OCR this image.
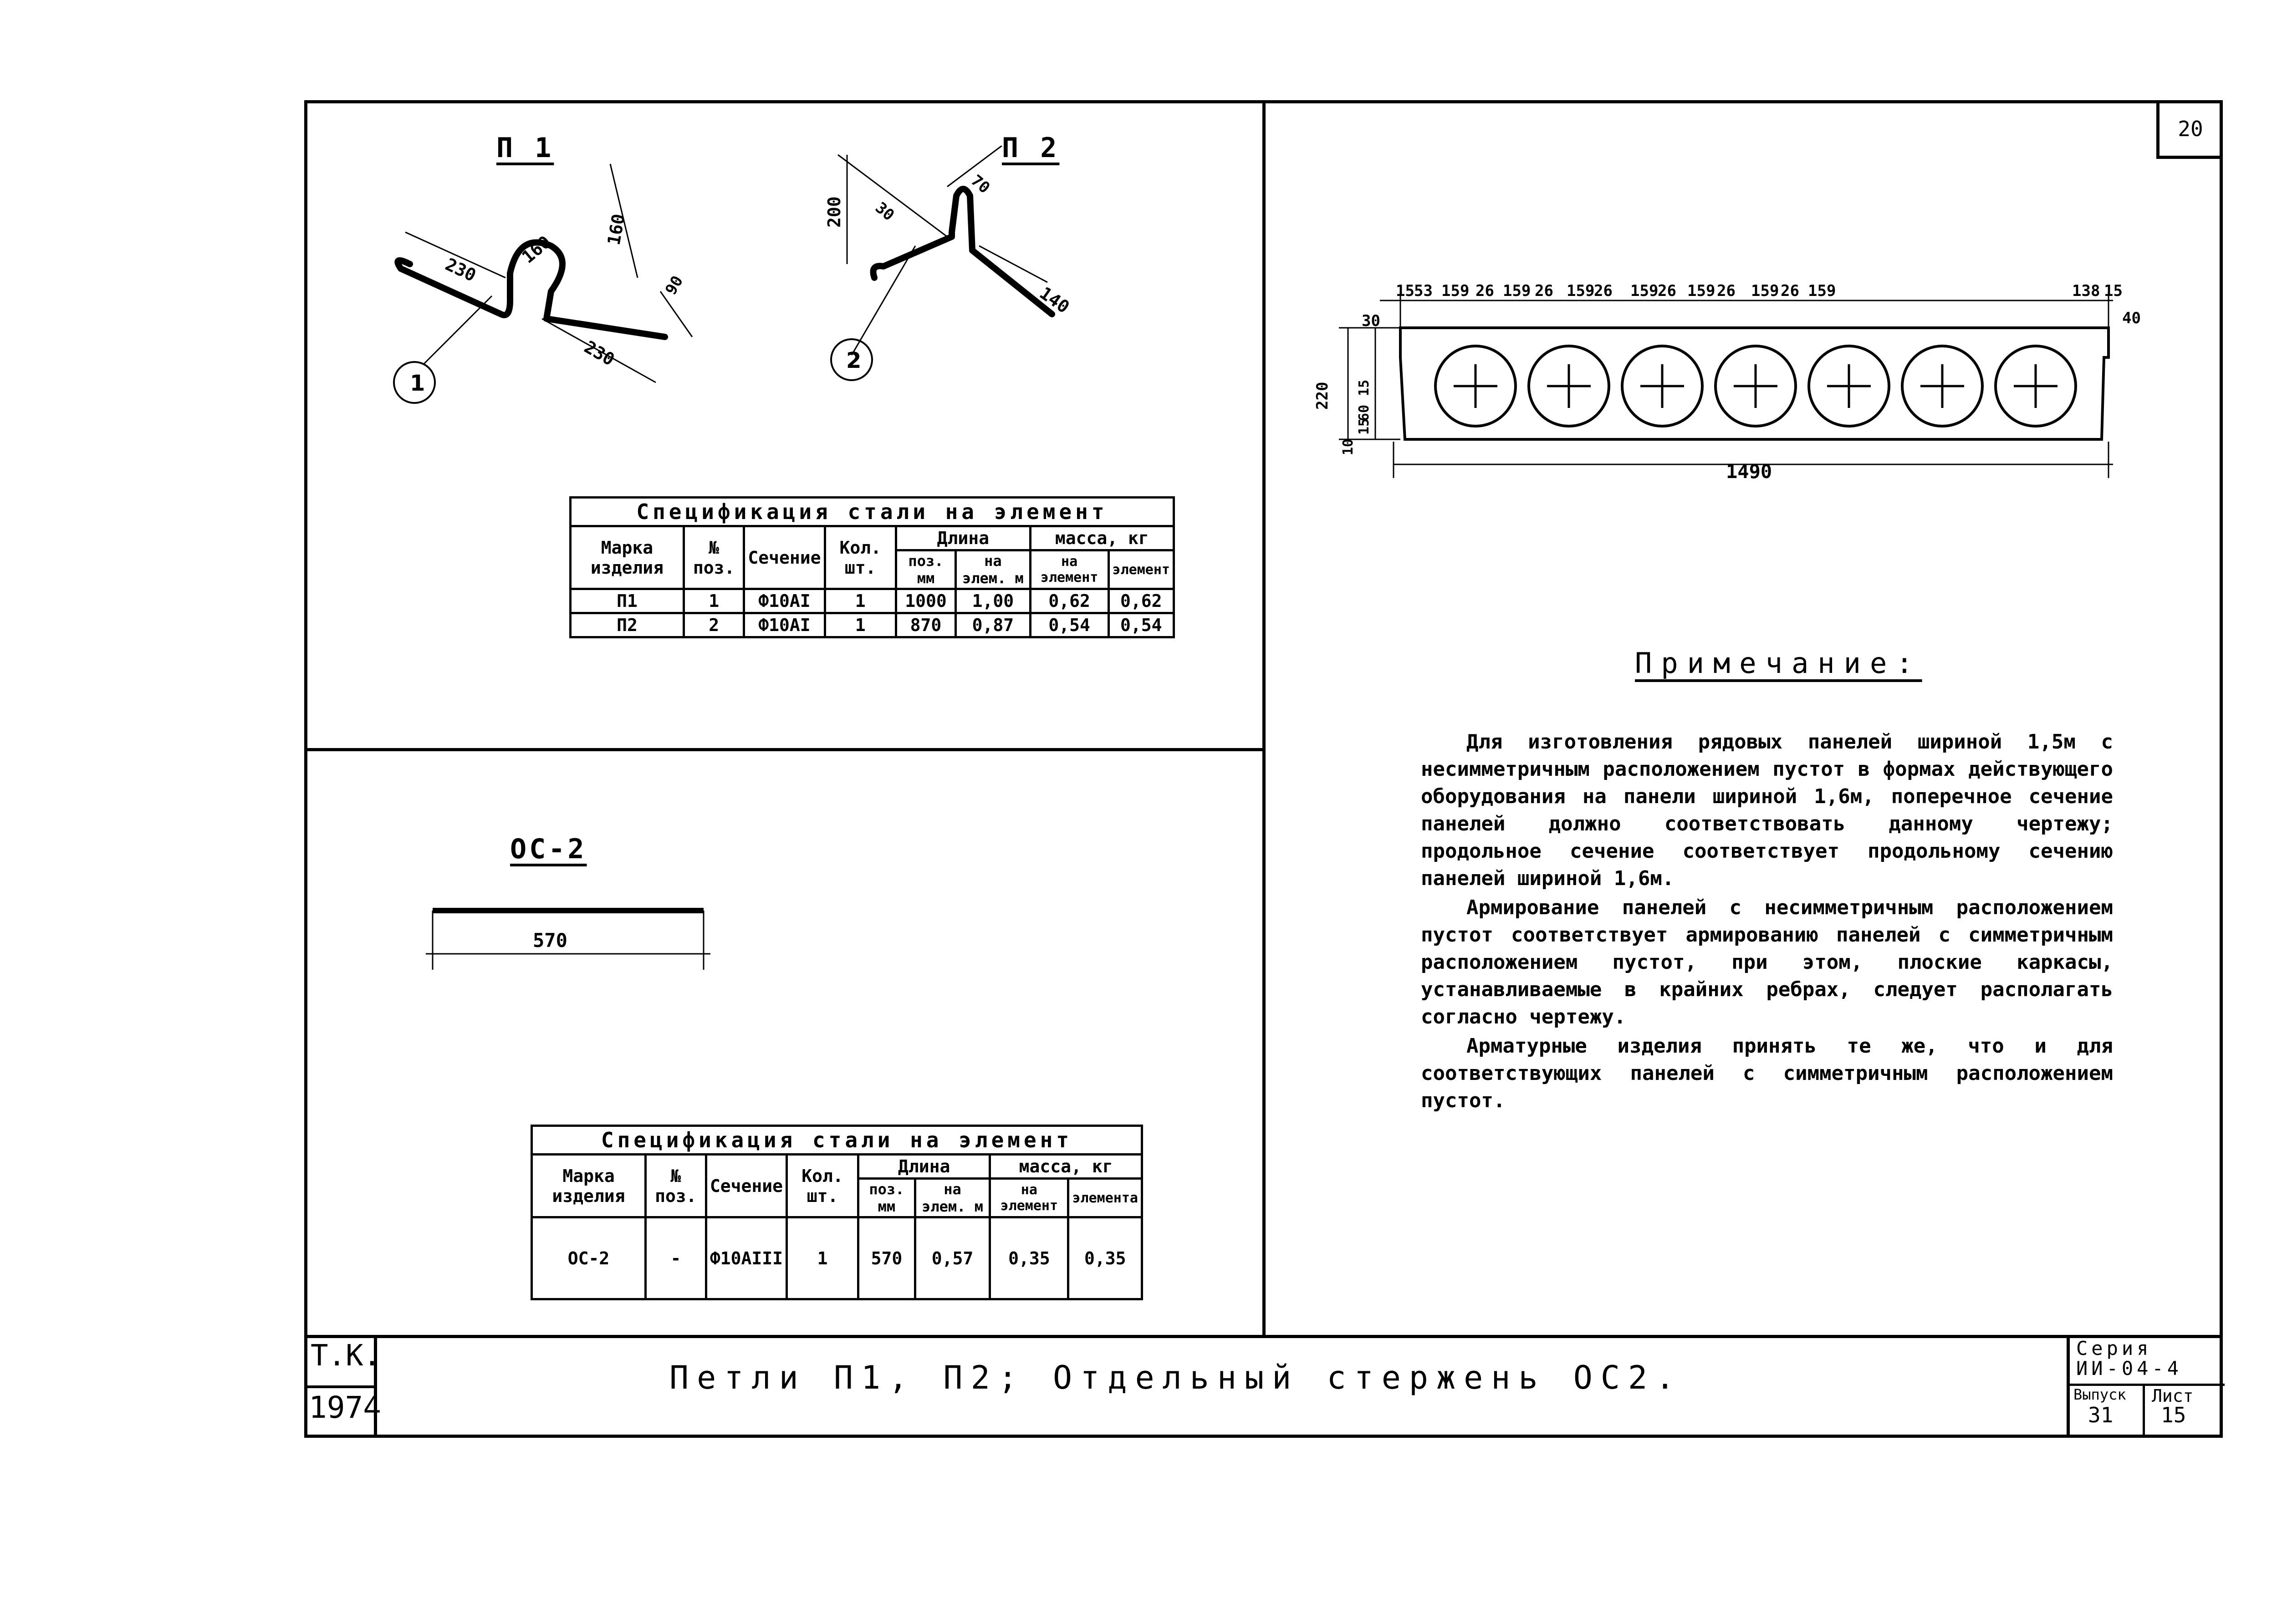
20
П 1	П 2
1
230
160
160
230
90
2
200 30
70
140
Спецификация стали на элемент							
Марка изделия	№ поз.	Сечение	Кол. шт.	Длина		масса, кг	
				поз. мм	на элем. м	на элемент	элемент
П1	1	Ф10АI	1	1000	1,00	0,62	0,62
П2	2	Ф10АI	1	870	0,87	0,54	0,54
ОС-2
570
Спецификация стали на элемент							
Марка изделия	№ поз.	Сечение	Кол. шт.	Длина		масса, кг	
				поз. мм	на элем. м	на элемент	элемента
ОС-2	-	Ф10АIII	1	570	0,57	0,35	0,35
15 53 159 26 159 26 159
26 159
26 159 26 159 26 159	138 15
220
30
15
60
15
10
40
1490
Примечание:

Для изготовления рядовых панелей шириной 1,5м с несимметричным расположением пустот в формах действующего оборудования на панели шириной 1,6м, поперечное сечение панелей должно соответствовать данному чертежу; продольное сечение соответствует продольному сечению панелей шириной 1,6м.

Армирование панелей с несимметричным расположением пустот соответствует армированию панелей с симметричным расположением пустот, при этом, плоские каркасы, устанавливаемые в крайних ребрах, следует располагать согласно чертежу.

Арматурные изделия принять те же, что и для соответствующих панелей с симметричным расположением пустот.

Т.К.
1974
Петли П1, П2; Отдельный стержень ОС2.
Серия
ИИ-04-4
Выпуск Лист
31 15
